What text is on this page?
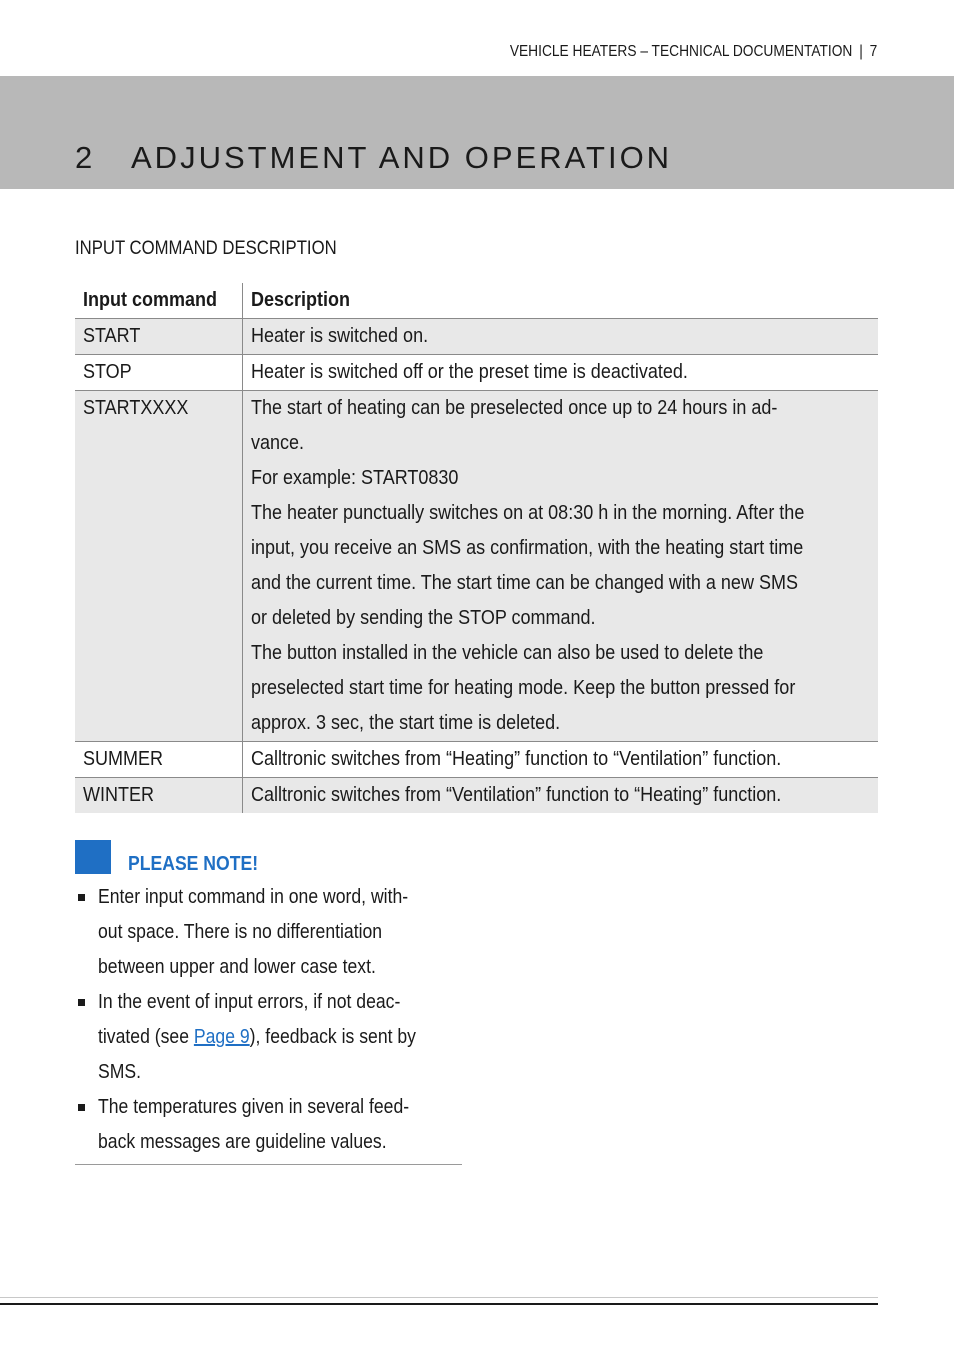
VEHICLE HEATERS – TECHNICAL DOCUMENTATION | 7
2 ADJUSTMENT AND OPERATION
INPUT COMMAND DESCRIPTION
Input command	Description
START	Heater is switched on.
STOP	Heater is switched off or the preset time is deactivated.
STARTXXXX	The start of heating can be preselected once up to 24 hours in ad-
vance.
For example: START0830
The heater punctually switches on at 08:30 h in the morning. After the
input, you receive an SMS as confirmation, with the heating start time
and the current time. The start time can be changed with a new SMS
or deleted by sending the STOP command.
The button installed in the vehicle can also be used to delete the
preselected start time for heating mode. Keep the button pressed for
approx. 3 sec, the start time is deleted.

SUMMER	Calltronic switches from “Heating” function to “Ventilation” function.
WINTER	Calltronic switches from “Ventilation” function to “Heating” function.
PLEASE NOTE!
Enter input command in one word, with-
out space. There is no differentiation
between upper and lower case text.
In the event of input errors, if not deac-
tivated (see Page 9), feedback is sent by
SMS.
The temperatures given in several feed-
back messages are guideline values.
